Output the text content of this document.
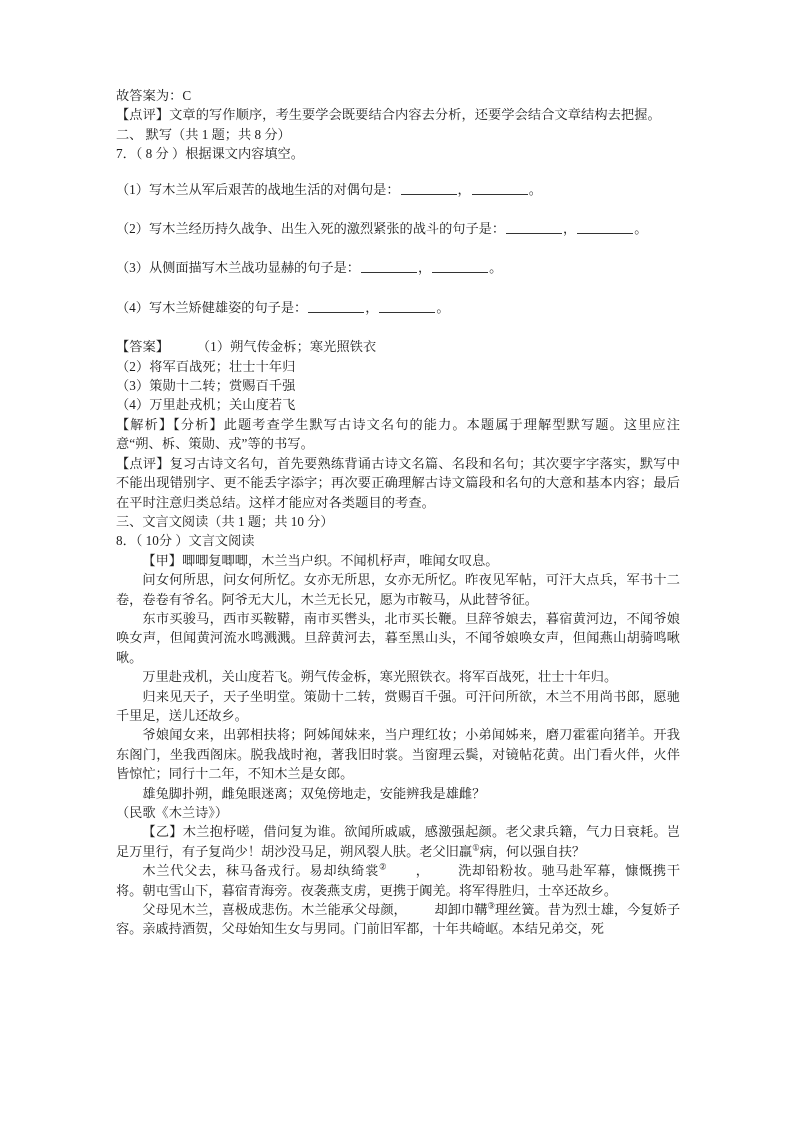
故答案为：C
【点评】文章的写作顺序，考生要学会既要结合内容去分析，还要学会结合文章结构去把握。
二、 默写（共 1 题；共 8 分）
7．（ 8 分 ）根据课文内容填空。
（1）写木兰从军后艰苦的战地生活的对偶句是：	，	。
（2）写木兰经历持久战争、出生入死的激烈紧张的战斗的句子是：	，	。
（3）从侧面描写木兰战功显赫的句子是：	，	。
（4）写木兰矫健雄姿的句子是：	，	。
【答案】 （1）朔气传金柝；寒光照铁衣
（2）将军百战死；壮士十年归
（3）策勋十二转；赏赐百千强
（4）万里赴戎机；关山度若飞
【解析】【分析】此题考查学生默写古诗文名句的能力。本题属于理解型默写题。这里应注意“朔、柝、策勋、戎”等的书写。
【点评】复习古诗文名句，首先要熟练背诵古诗文名篇、名段和名句；其次要字字落实，默写中不能出现错别字、更不能丢字添字；再次要正确理解古诗文篇段和名句的大意和基本内容；最后在平时注意归类总结。这样才能应对各类题目的考查。
三、文言文阅读（共 1 题；共 10 分）
8．（ 10分 ）文言文阅读
【甲】唧唧复唧唧，木兰当户织。不闻机杼声，唯闻女叹息。
问女何所思，问女何所忆。女亦无所思，女亦无所忆。昨夜见军帖，可汗大点兵，军书十二卷，卷卷有爷名。阿爷无大儿，木兰无长兄，愿为市鞍马，从此替爷征。
东市买骏马，西市买鞍鞯，南市买辔头，北市买长鞭。旦辞爷娘去，暮宿黄河边，不闻爷娘唤女声，但闻黄河流水鸣溅溅。旦辞黄河去，暮至黑山头，不闻爷娘唤女声，但闻燕山胡骑鸣啾啾。
万里赴戎机，关山度若飞。朔气传金柝，寒光照铁衣。将军百战死，壮士十年归。
归来见天子，天子坐明堂。策勋十二转，赏赐百千强。可汗问所欲，木兰不用尚书郎，愿驰千里足，送儿还故乡。
爷娘闻女来，出郭相扶将；阿姊闻妹来，当户理红妆；小弟闻姊来，磨刀霍霍向猪羊。开我东阁门，坐我西阁床。脱我战时袍，著我旧时裳。当窗理云鬓，对镜帖花黄。出门看火伴，火伴皆惊忙；同行十二年，不知木兰是女郎。
雄兔脚扑朔，雌兔眼迷离；双兔傍地走，安能辨我是雄雌？
（民歌《木兰诗》）
【乙】木兰抱杼嗟，借问复为谁。欲闻所戚戚，感激强起颜。老父隶兵籍，气力日衰耗。岂足万里行，有子复尚少！胡沙没马足，朔风裂人肤。老父旧羸①病，何以强自扶？
木兰代父去，秣马备戎行。易却纨绮裳② ， 洗却铅粉妆。驰马赴军幕，慷慨携干将。朝屯雪山下，暮宿青海旁。夜袭燕支虏，更携于阗羌。将军得胜归，士卒还故乡。
父母见木兰，喜极成悲伤。木兰能承父母颜， 却卸巾鞲③理丝簧。昔为烈士雄，今复娇子容。亲戚持酒贺，父母始知生女与男同。门前旧军都，十年共崎岖。本结兄弟交，死
